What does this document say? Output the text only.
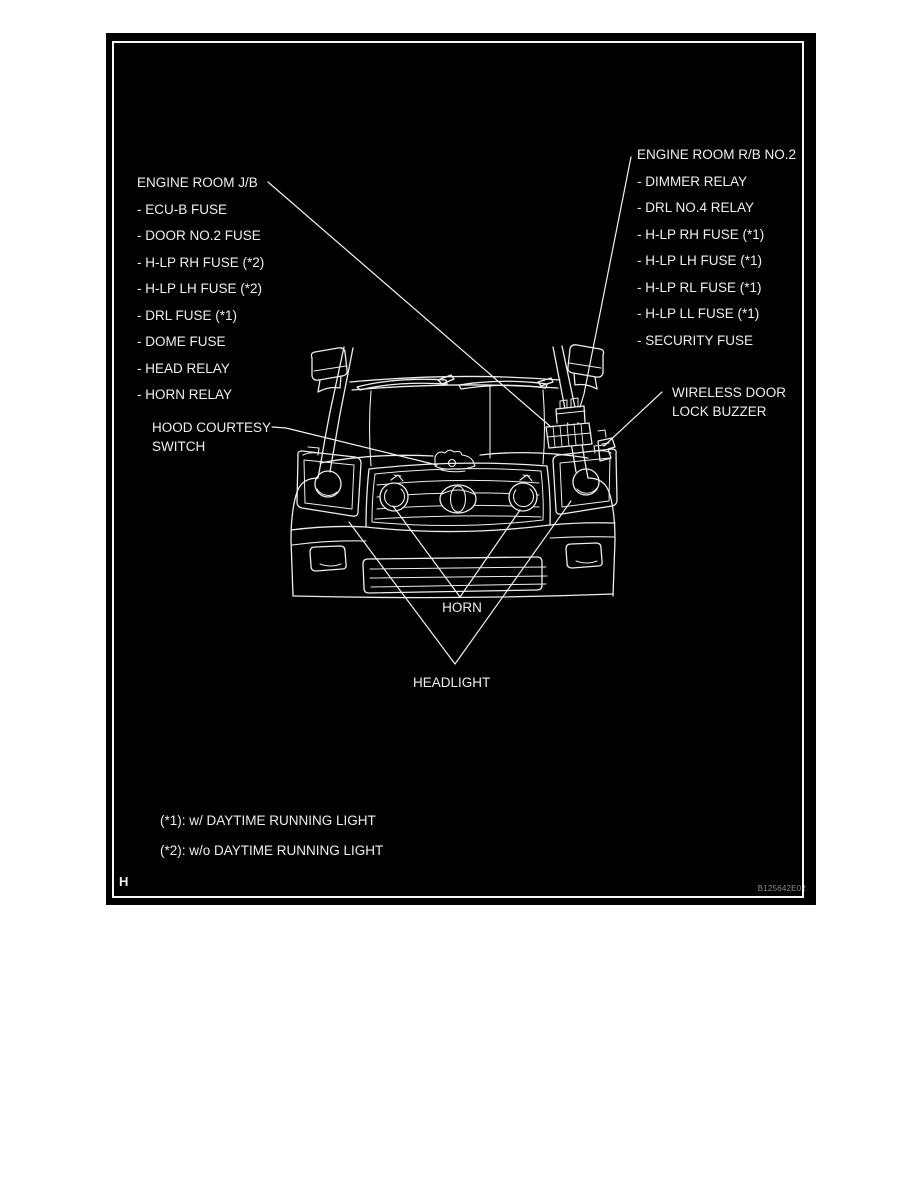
ENGINE ROOM J/B
- ECU-B FUSE
- DOOR NO.2 FUSE
- H-LP RH FUSE (*2)
- H-LP LH FUSE (*2)
- DRL FUSE (*1)
- DOME FUSE
- HEAD RELAY
- HORN RELAY
ENGINE ROOM R/B NO.2
- DIMMER RELAY
- DRL NO.4 RELAY
- H-LP RH FUSE (*1)
- H-LP LH FUSE (*1)
- H-LP RL FUSE (*1)
- H-LP LL FUSE (*1)
- SECURITY FUSE
HOOD COURTESY SWITCH
WIRELESS DOOR LOCK BUZZER
HORN
HEADLIGHT
(*1): w/ DAYTIME RUNNING LIGHT
(*2): w/o DAYTIME RUNNING LIGHT
H	B125642E02
